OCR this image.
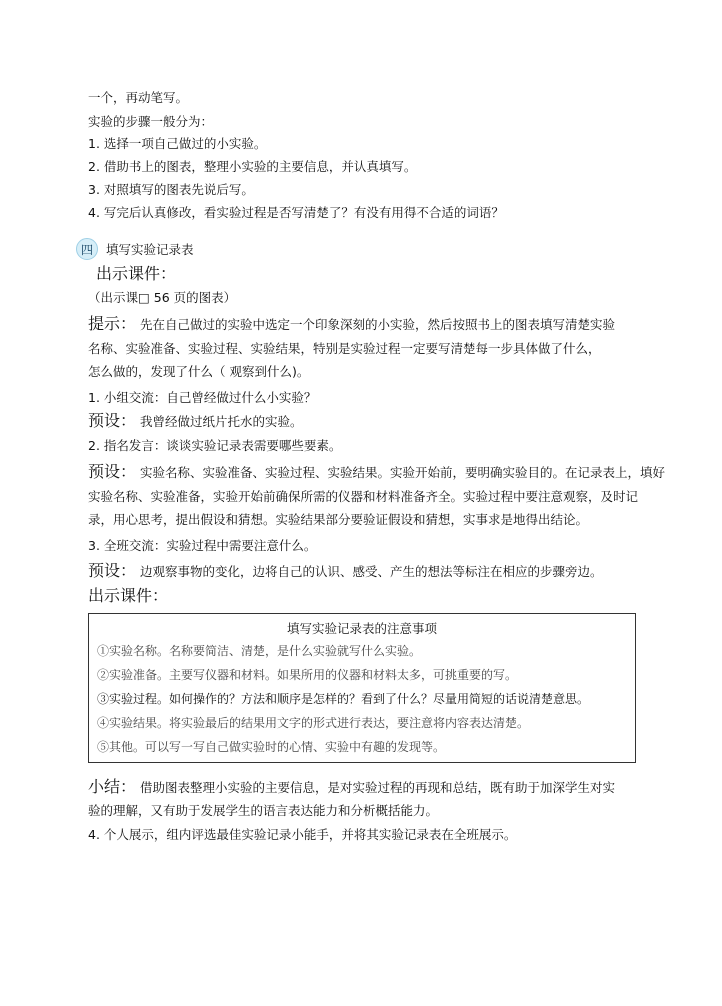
一个，再动笔写。
实验的步骤一般分为：
1. 选择一项自己做过的小实验。
2. 借助书上的图表，整理小实验的主要信息，并认真填写。
3. 对照填写的图表先说后写。
4. 写完后认真修改，看实验过程是否写清楚了？有没有用得不合适的词语？
四	填写实验记录表
出示课件：
（出示课□ 56 页的图表）
提示： 先在自己做过的实验中选定一个印象深刻的小实验，然后按照书上的图表填写清楚实验
名称、实验准备、实验过程、实验结果，特别是实验过程一定要写清楚每一步具体做了什么，
怎么做的，发现了什么（ 观察到什么)。
1. 小组交流：自己曾经做过什么小实验？
预设： 我曾经做过纸片托水的实验。
2. 指名发言：谈谈实验记录表需要哪些要素。
预设： 实验名称、实验准备、实验过程、实验结果。实验开始前，要明确实验目的。在记录表上，填好
实验名称、实验准备，实验开始前确保所需的仪器和材料准备齐全。实验过程中要注意观察，及时记
录，用心思考，提出假设和猜想。实验结果部分要验证假设和猜想，实事求是地得出结论。
3. 全班交流：实验过程中需要注意什么。
预设： 边观察事物的变化，边将自己的认识、感受、产生的想法等标注在相应的步骤旁边。
出示课件：
填写实验记录表的注意事项
①实验名称。名称要简洁、清楚，是什么实验就写什么实验。
②实验准备。主要写仪器和材料。如果所用的仪器和材料太多，可挑重要的写。
③实验过程。如何操作的？方法和顺序是怎样的？看到了什么？尽量用简短的话说清楚意思。
④实验结果。将实验最后的结果用文字的形式进行表达，要注意将内容表达清楚。
⑤其他。可以写一写自己做实验时的心情、实验中有趣的发现等。
小结： 借助图表整理小实验的主要信息，是对实验过程的再现和总结，既有助于加深学生对实
验的理解，又有助于发展学生的语言表达能力和分析概括能力。
4. 个人展示，组内评选最佳实验记录小能手，并将其实验记录表在全班展示。
